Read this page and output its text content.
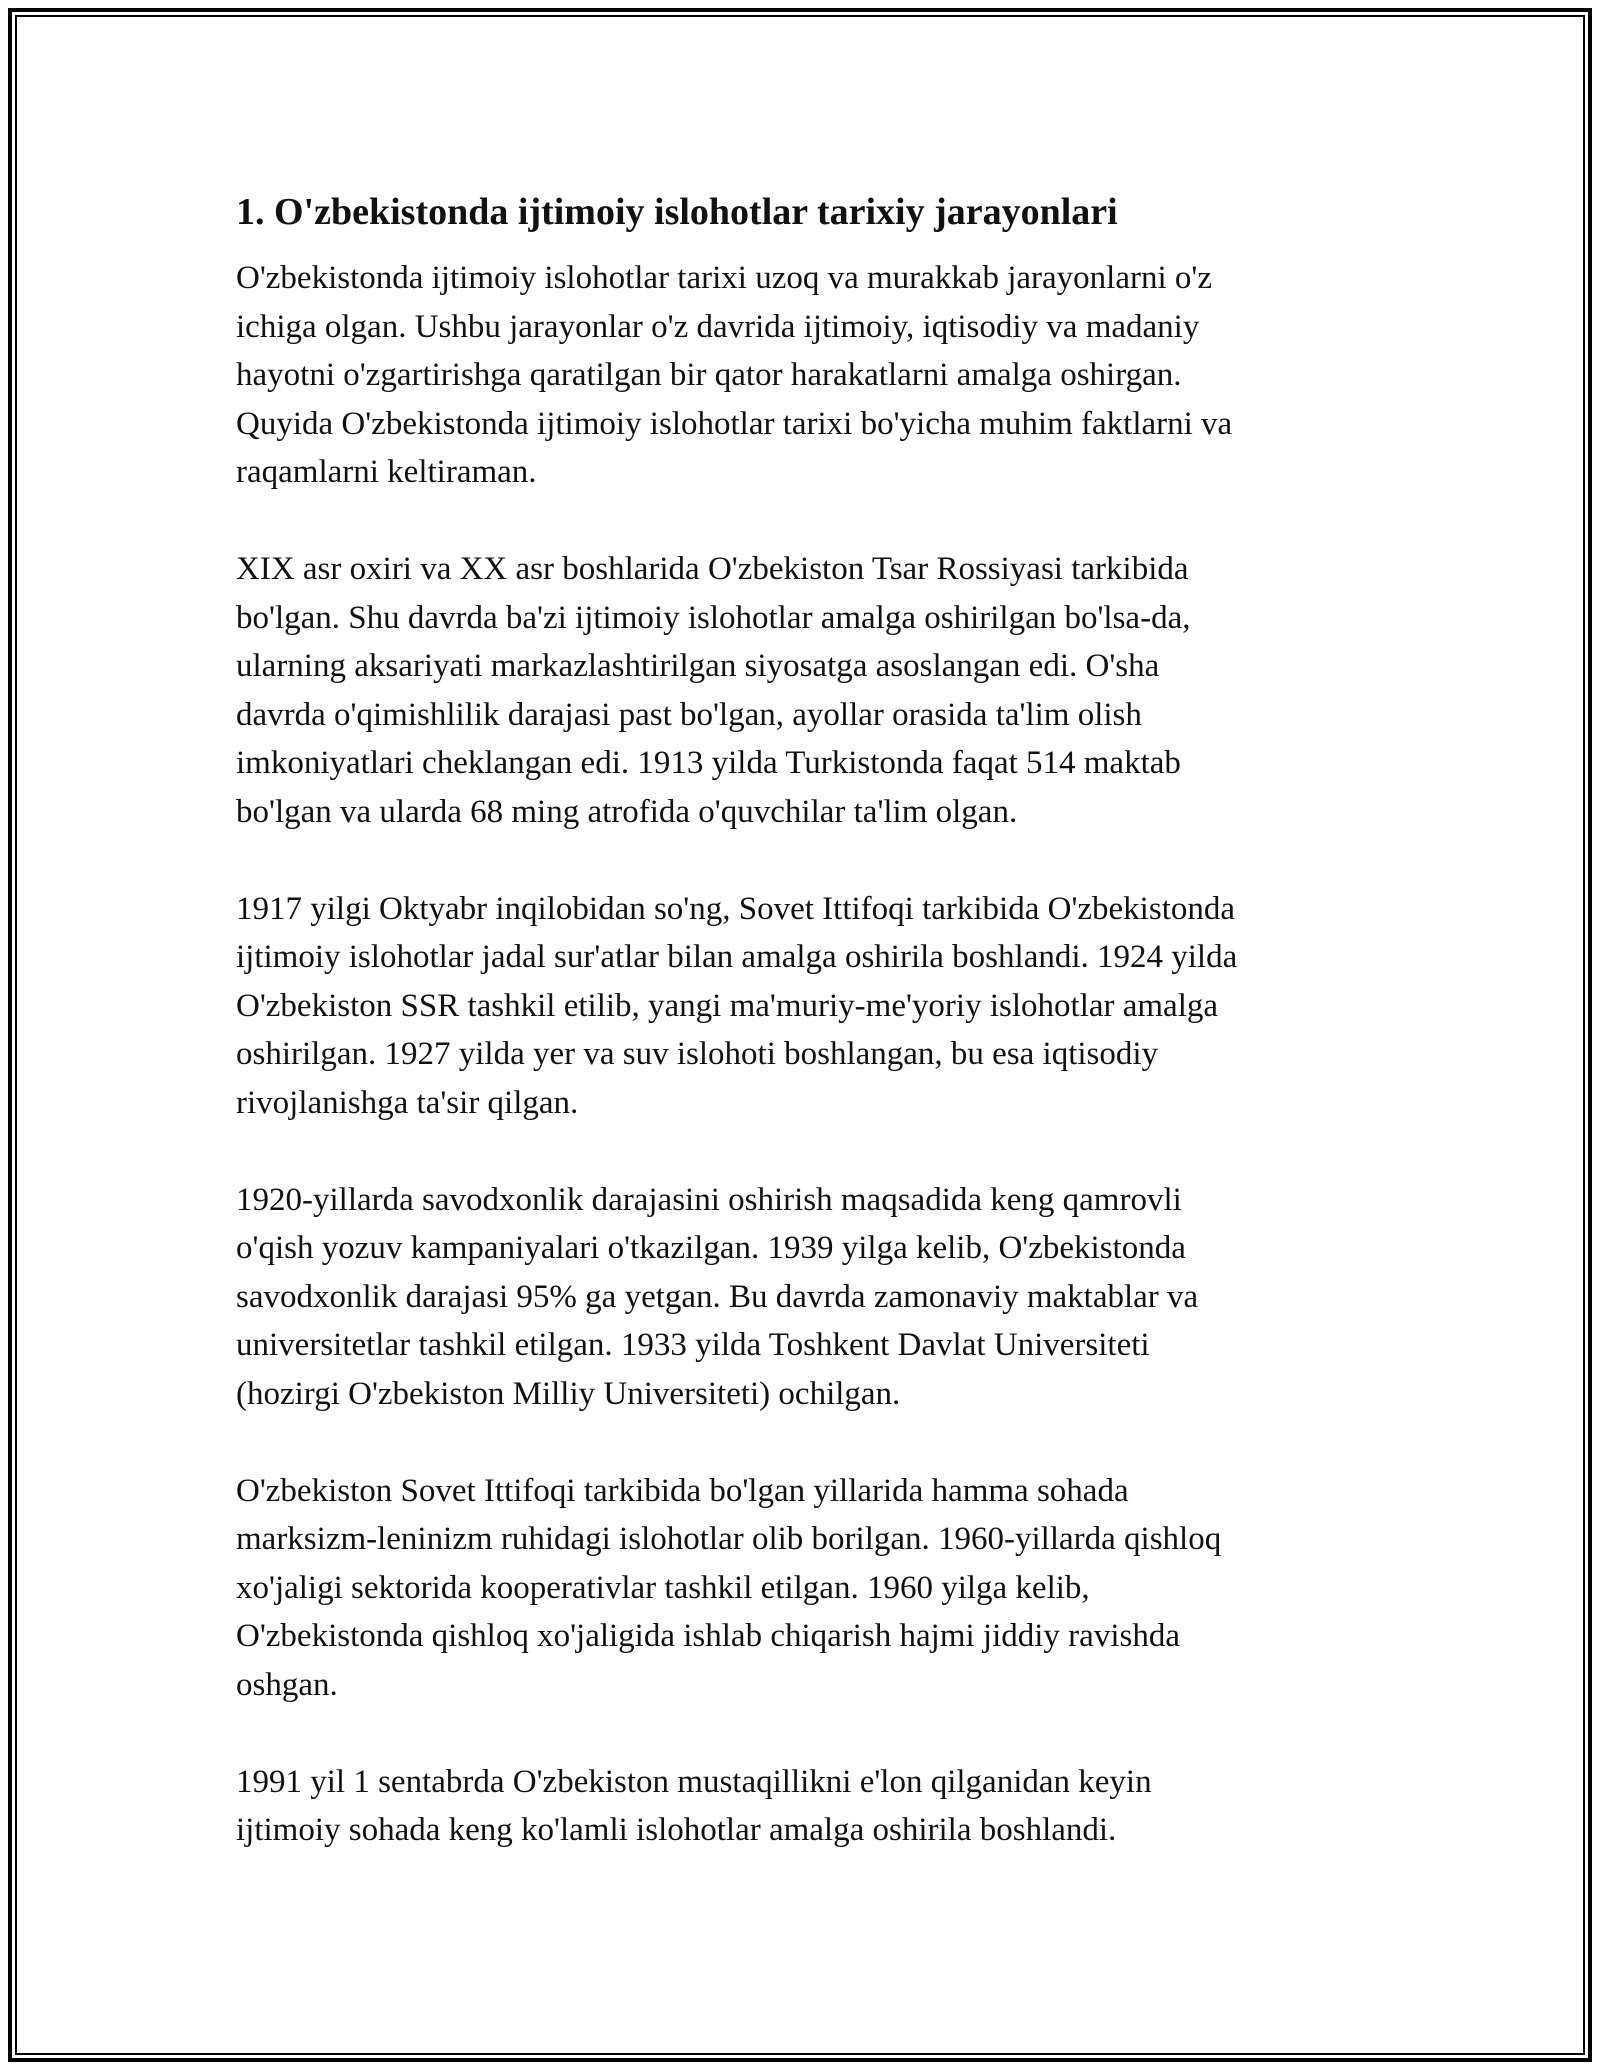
1. O'zbekistonda ijtimoiy islohotlar tarixiy jarayonlari

O'zbekistonda ijtimoiy islohotlar tarixi uzoq va murakkab jarayonlarni o'z
ichiga olgan. Ushbu jarayonlar o'z davrida ijtimoiy, iqtisodiy va madaniy
hayotni o'zgartirishga qaratilgan bir qator harakatlarni amalga oshirgan.
Quyida O'zbekistonda ijtimoiy islohotlar tarixi bo'yicha muhim faktlarni va
raqamlarni keltiraman.

XIX asr oxiri va XX asr boshlarida O'zbekiston Tsar Rossiyasi tarkibida
bo'lgan. Shu davrda ba'zi ijtimoiy islohotlar amalga oshirilgan bo'lsa-da,
ularning aksariyati markazlashtirilgan siyosatga asoslangan edi. O'sha
davrda o'qimishlilik darajasi past bo'lgan, ayollar orasida ta'lim olish
imkoniyatlari cheklangan edi. 1913 yilda Turkistonda faqat 514 maktab
bo'lgan va ularda 68 ming atrofida o'quvchilar ta'lim olgan.

1917 yilgi Oktyabr inqilobidan so'ng, Sovet Ittifoqi tarkibida O'zbekistonda
ijtimoiy islohotlar jadal sur'atlar bilan amalga oshirila boshlandi. 1924 yilda
O'zbekiston SSR tashkil etilib, yangi ma'muriy-me'yoriy islohotlar amalga
oshirilgan. 1927 yilda yer va suv islohoti boshlangan, bu esa iqtisodiy
rivojlanishga ta'sir qilgan.

1920-yillarda savodxonlik darajasini oshirish maqsadida keng qamrovli
o'qish yozuv kampaniyalari o'tkazilgan. 1939 yilga kelib, O'zbekistonda
savodxonlik darajasi 95% ga yetgan. Bu davrda zamonaviy maktablar va
universitetlar tashkil etilgan. 1933 yilda Toshkent Davlat Universiteti
(hozirgi O'zbekiston Milliy Universiteti) ochilgan.

O'zbekiston Sovet Ittifoqi tarkibida bo'lgan yillarida hamma sohada
marksizm-leninizm ruhidagi islohotlar olib borilgan. 1960-yillarda qishloq
xo'jaligi sektorida kooperativlar tashkil etilgan. 1960 yilga kelib,
O'zbekistonda qishloq xo'jaligida ishlab chiqarish hajmi jiddiy ravishda
oshgan.

1991 yil 1 sentabrda O'zbekiston mustaqillikni e'lon qilganidan keyin
ijtimoiy sohada keng ko'lamli islohotlar amalga oshirila boshlandi.
